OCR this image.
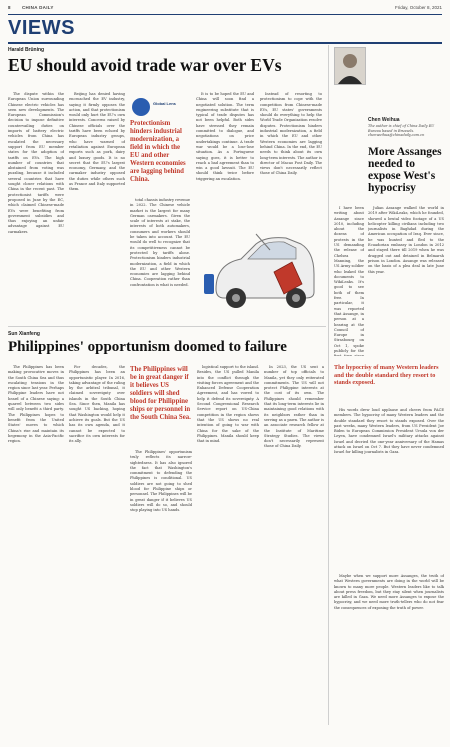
8	CHINA DAILY	Friday, October 8, 2021
VIEWS
Harald Brüning
EU should avoid trade war over EVs

The dispute within the European Union surrounding Chinese electric vehicles has seen new developments. The European Commission's decision to impose definitive countervailing duties on imports of battery electric vehicles from China has escalated the necessary support from EU member states for the adoption of tariffs on EVs. The high number of countries that abstained from voting was puzzling, because it included several countries that have sought closer relations with China in the recent past. The protectionist tariffs were proposed in June by the EC, which claimed Chinese-made EVs were benefiting from government subsidies and thus enjoying an unfair advantage against EU carmakers.

Beijing has denied having encroached the EV industry, saying it firmly opposes the action, and that protectionism would only hurt the EU's own interests. Concerns raised by Chinese officials over the tariffs have been echoed by European industry groups, who have warned of retaliation against European exports such as pork, dairy and luxury goods. It is no secret that the EU's largest economy, Germany, and the carmaker industry opposed the duties while others such as France and Italy supported them.

Global Lens
Protectionism hinders industrial modernization, a field in which the EU and other Western economies are lagging behind China.

total chassis industry revenue in 2022. The Chinese vehicle market is the largest for many German carmakers. Given the scale of interests at stake, the interests of both automakers, consumers and workers should be taken into account. The EU would do well to recognize that its competitiveness cannot be protected by tariffs alone. Protectionism hinders industrial modernization, a field in which the EU and other Western economies are lagging behind China. Cooperation rather than confrontation is what is needed.

It is to be hoped the EU and China will soon find a negotiated solution. The term engineering substitute that is typical of trade disputes has not been helpful. Both sides have stressed they remain committed to dialogue, and negotiations on price undertakings continue. A trade war would be a lose-lose situation. As a Portuguese saying goes, it is better to reach a bad agreement than to win a good lawsuit. The EU should think twice before triggering an escalation.

Instead of resorting to protectionism to cope with the competition from Chinese-made EVs, EU states' governments should do everything to help the World Trade Organization resolve disputes. Protectionism hinders industrial modernization, a field in which the EU and other Western economies are lagging behind China. In the end, the EU needs to think about its own long-term interests. The author is director of Macao Post Daily. The views don't necessarily reflect those of China Daily.

Sun Xianfeng
Philippines' opportunism doomed to failure

The Philippines has been making provocative moves in the South China Sea and thus escalating tensions in the region since last year. Perhaps Philippine leaders have not heard of a Chinese saying: a quarrel between two sides will only benefit a third party. The Philippines hopes to benefit from the United States' moves to which China's rise and maintain its hegemony in the Asia-Pacific region.

For decades, the Philippines has been an opportunistic player. In 2016, taking advantage of the ruling by the arbitral tribunal, it claimed sovereignty over islands in the South China Sea. Since then, Manila has sought US backing, hoping that Washington would help it achieve its goals. But the US has its own agenda, and it cannot be expected to sacrifice its own interests for its ally.

The Philippines will be in great danger if it believes US soldiers will shed blood for Philippine ships or personnel in the South China Sea.

The Philippines' opportunism truly reflects its narrow-sightedness. It has also ignored the fact that Washington's commitment to defending the Philippines is conditional. US soldiers are not going to shed blood for Philippine ships or personnel. The Philippines will be in great danger if it believes US soldiers will do so, and should stop playing into US hands.

logistical support to the island. Besides, the US pulled Manila into the conflict through the visiting forces agreement and the Enhanced Defense Cooperation Agreement, and has vowed to help it defend its sovereignty. A Second Congressional Research Service report on US-China competition in the region shows that the US shows no real intention of going to war with China for the sake of the Philippines. Manila should keep that in mind.

In 2023, the US sent a number of top officials to Manila, yet they only reiterated commitments. The US will not protect Philippine interests at the cost of its own. The Philippines should remember that its long-term interests lie in maintaining good relations with its neighbors rather than in serving as a pawn. The author is an associate research fellow at the Institute of Maritime Strategy Studies. The views don't necessarily represent those of China Daily.

Chen Weihua
The author is chief of China Daily EU Bureau based in Brussels. chenweihua@chinadaily.com.cn
More Assanges needed to expose West's hypocrisy

Julian Assange walked the world in 2019 after WikiLeaks, which he founded, showed a brutal video footage of a US helicopter killing civilians including two journalists in Baghdad during the American occupation of Iraq. Ever since, he was hunted and fled to the Ecuadorian embassy in London in 2012 and stayed there till 2019 when he was dragged out and detained in Belmarsh prison in London. Assange was released on the basis of a plea deal in late June this year.

I have been writing about Assange since 2010, including about the dozens of protests in the US demanding the release of Chelsea Manning, the US Army soldier who leaked the documents to WikiLeaks. It's good to see both of them free. In particular, it was reported that Assange, in person at a hearing at the Council of Europe in Strasbourg on Oct 1, spoke publicly for the

The hypocrisy of many Western leaders and the double standard they resort to stands exposed.

His words drew loud applause and cheers from PACE members. The hypocrisy of many Western leaders and the double standard they resort to stands exposed. Over the past weeks, many Western leaders, from US President Joe Biden to European Commission President Ursula von der Leyen, have condemned Israel's military attacks against Israel and decried the one-year anniversary of the Hamas attack on Israel on Oct 7. But they have never condemned Israel for killing journalists in Gaza.

Maybe when we support more Assanges, the truth of what Western governments are doing in the world will be known to many more people. Western leaders like to talk about press freedom, but they stay silent when journalists are killed in Gaza. We need more Assanges to expose the hypocrisy, and we need more truth-tellers who do not fear the consequences of exposing the truth of power.
